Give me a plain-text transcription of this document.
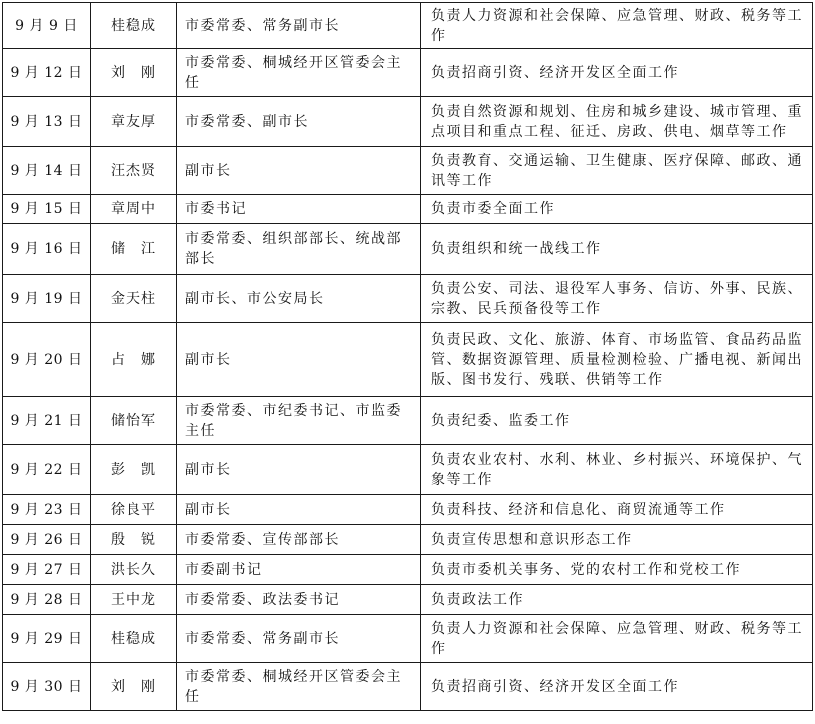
9 月 9 日	桂稳成	市委常委、常务副市长	负责人力资源和社会保障、应急管理、财政、税务等工作
9 月 12 日	刘　刚	市委常委、桐城经开区管委会主任	负责招商引资、经济开发区全面工作
9 月 13 日	章友厚	市委常委、副市长	负责自然资源和规划、住房和城乡建设、城市管理、重点项目和重点工程、征迁、房政、供电、烟草等工作
9 月 14 日	汪杰贤	副市长	负责教育、交通运输、卫生健康、医疗保障、邮政、通讯等工作
9 月 15 日	章周中	市委书记	负责市委全面工作
9 月 16 日	储　江	市委常委、组织部部长、统战部部长	负责组织和统一战线工作
9 月 19 日	金天柱	副市长、市公安局长	负责公安、司法、退役军人事务、信访、外事、民族、宗教、民兵预备役等工作
9 月 20 日	占　娜	副市长	负责民政、文化、旅游、体育、市场监管、食品药品监管、数据资源管理、质量检测检验、广播电视、新闻出版、图书发行、残联、供销等工作
9 月 21 日	储怡军	市委常委、市纪委书记、市监委主任	负责纪委、监委工作
9 月 22 日	彭　凯	副市长	负责农业农村、水利、林业、乡村振兴、环境保护、气象等工作
9 月 23 日	徐良平	副市长	负责科技、经济和信息化、商贸流通等工作
9 月 26 日	殷　锐	市委常委、宣传部部长	负责宣传思想和意识形态工作
9 月 27 日	洪长久	市委副书记	负责市委机关事务、党的农村工作和党校工作
9 月 28 日	王中龙	市委常委、政法委书记	负责政法工作
9 月 29 日	桂稳成	市委常委、常务副市长	负责人力资源和社会保障、应急管理、财政、税务等工作
9 月 30 日	刘　刚	市委常委、桐城经开区管委会主任	负责招商引资、经济开发区全面工作
